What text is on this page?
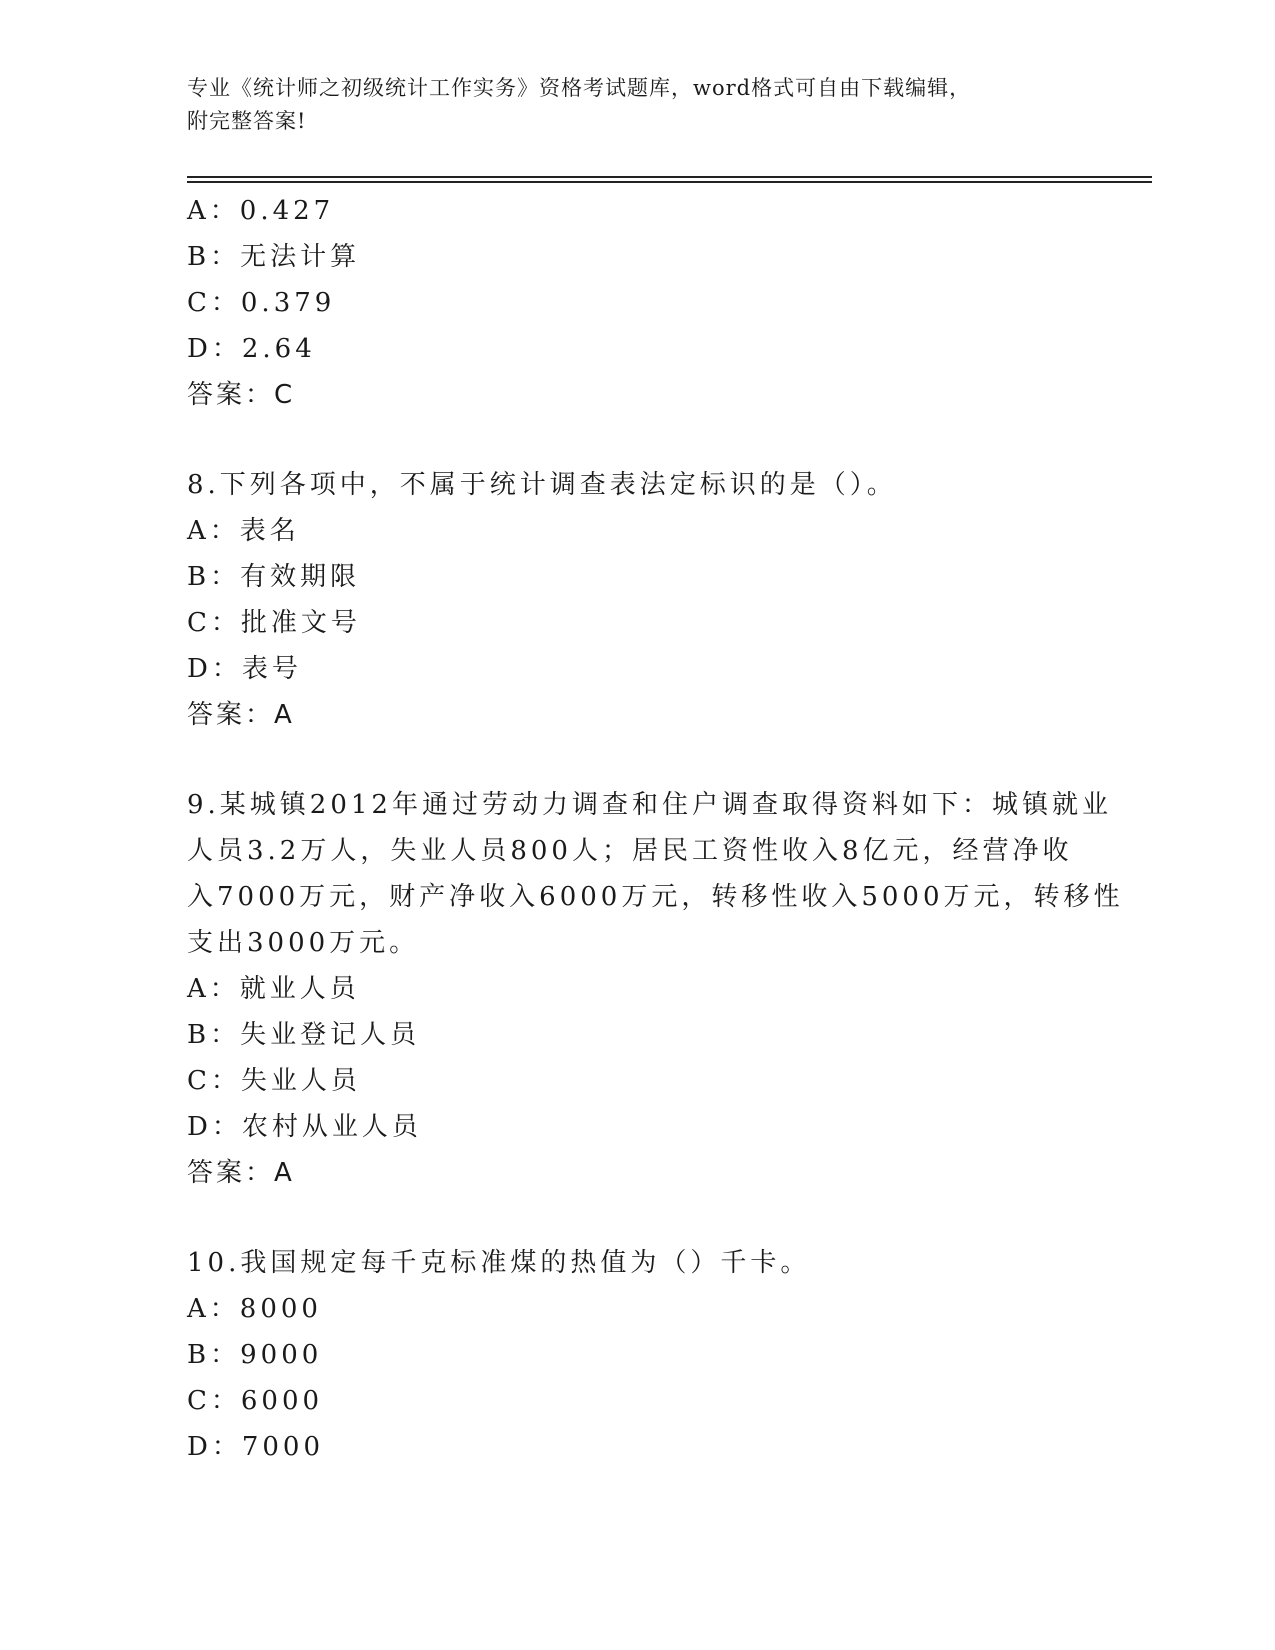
专业《统计师之初级统计工作实务》资格考试题库，word格式可自由下载编辑，
附完整答案!
A：0.427
B：无法计算
C：0.379
D：2.64
答案：C
8.下列各项中，不属于统计调查表法定标识的是（）。
A：表名
B：有效期限
C：批准文号
D：表号
答案：A
9.某城镇2012年通过劳动力调查和住户调查取得资料如下：城镇就业
人员3.2万人，失业人员800人；居民工资性收入8亿元，经营净收
入7000万元，财产净收入6000万元，转移性收入5000万元，转移性
支出3000万元。
A：就业人员
B：失业登记人员
C：失业人员
D：农村从业人员
答案：A
10.我国规定每千克标准煤的热值为（）千卡。
A：8000
B：9000
C：6000
D：7000
